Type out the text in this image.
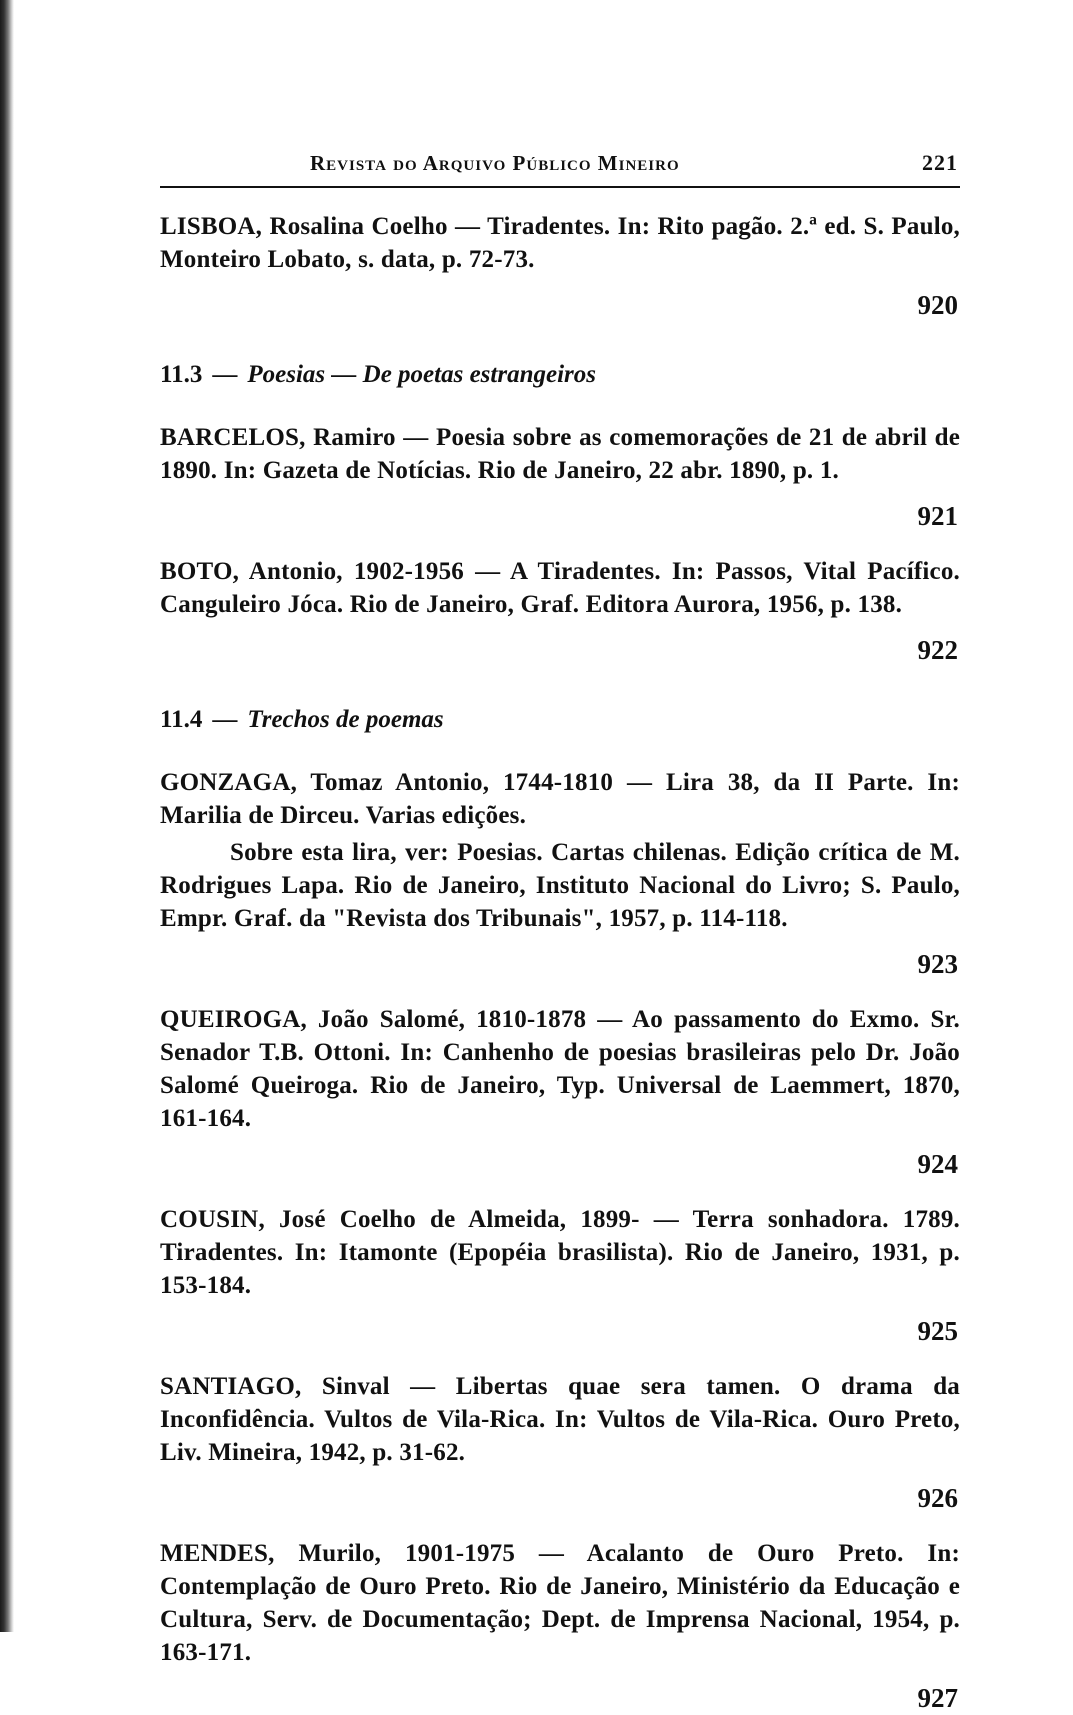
Revista do Arquivo Público Mineiro	221

LISBOA, Rosalina Coelho — Tiradentes. In: Rito pagão. 2.ª ed. S. Paulo, Monteiro Lobato, s. data, p. 72-73.

920
11.3 — Poesias — De poetas estrangeiros

BARCELOS, Ramiro — Poesia sobre as comemorações de 21 de abril de 1890. In: Gazeta de Notícias. Rio de Janeiro, 22 abr. 1890, p. 1.

921

BOTO, Antonio, 1902-1956 — A Tiradentes. In: Passos, Vital Pacífico. Canguleiro Jóca. Rio de Janeiro, Graf. Editora Aurora, 1956, p. 138.

922
11.4 — Trechos de poemas

GONZAGA, Tomaz Antonio, 1744-1810 — Lira 38, da II Parte. In: Marilia de Dirceu. Varias edições.

Sobre esta lira, ver: Poesias. Cartas chilenas. Edição crítica de M. Rodrigues Lapa. Rio de Janeiro, Instituto Nacional do Livro; S. Paulo, Empr. Graf. da "Revista dos Tribunais", 1957, p. 114-118.

923

QUEIROGA, João Salomé, 1810-1878 — Ao passamento do Exmo. Sr. Senador T.B. Ottoni. In: Canhenho de poesias brasileiras pelo Dr. João Salomé Queiroga. Rio de Janeiro, Typ. Universal de Laemmert, 1870, 161-164.

924

COUSIN, José Coelho de Almeida, 1899- — Terra sonhadora. 1789. Tiradentes. In: Itamonte (Epopéia brasilista). Rio de Janeiro, 1931, p. 153-184.

925

SANTIAGO, Sinval — Libertas quae sera tamen. O drama da Inconfidência. Vultos de Vila-Rica. In: Vultos de Vila-Rica. Ouro Preto, Liv. Mineira, 1942, p. 31-62.

926

MENDES, Murilo, 1901-1975 — Acalanto de Ouro Preto. In: Contemplação de Ouro Preto. Rio de Janeiro, Ministério da Educação e Cultura, Serv. de Documentação; Dept. de Imprensa Nacional, 1954, p. 163-171.

927
